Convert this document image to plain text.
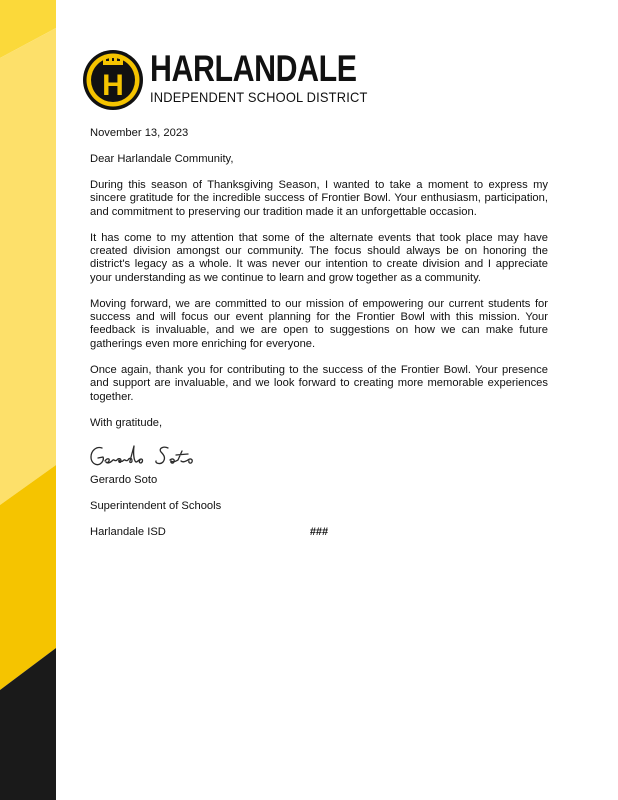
H HARLANDALE
INDEPENDENT SCHOOL DISTRICT

November 13, 2023

Dear Harlandale Community,

During this season of Thanksgiving Season, I wanted to take a moment to express my sincere gratitude for the incredible success of Frontier Bowl. Your enthusiasm, participation, and commitment to preserving our tradition made it an unforgettable occasion.

It has come to my attention that some of the alternate events that took place may have created division amongst our community. The focus should always be on honoring the district's legacy as a whole. It was never our intention to create division and I appreciate your understanding as we continue to learn and grow together as a community.

Moving forward, we are committed to our mission of empowering our current students for success and will focus our event planning for the Frontier Bowl with this mission. Your feedback is invaluable, and we are open to suggestions on how we can make future gatherings even more enriching for everyone.

Once again, thank you for contributing to the success of the Frontier Bowl. Your presence and support are invaluable, and we look forward to creating more memorable experiences together.

With gratitude,

Gerardo Soto

Superintendent of Schools

Harlandale ISD	###
